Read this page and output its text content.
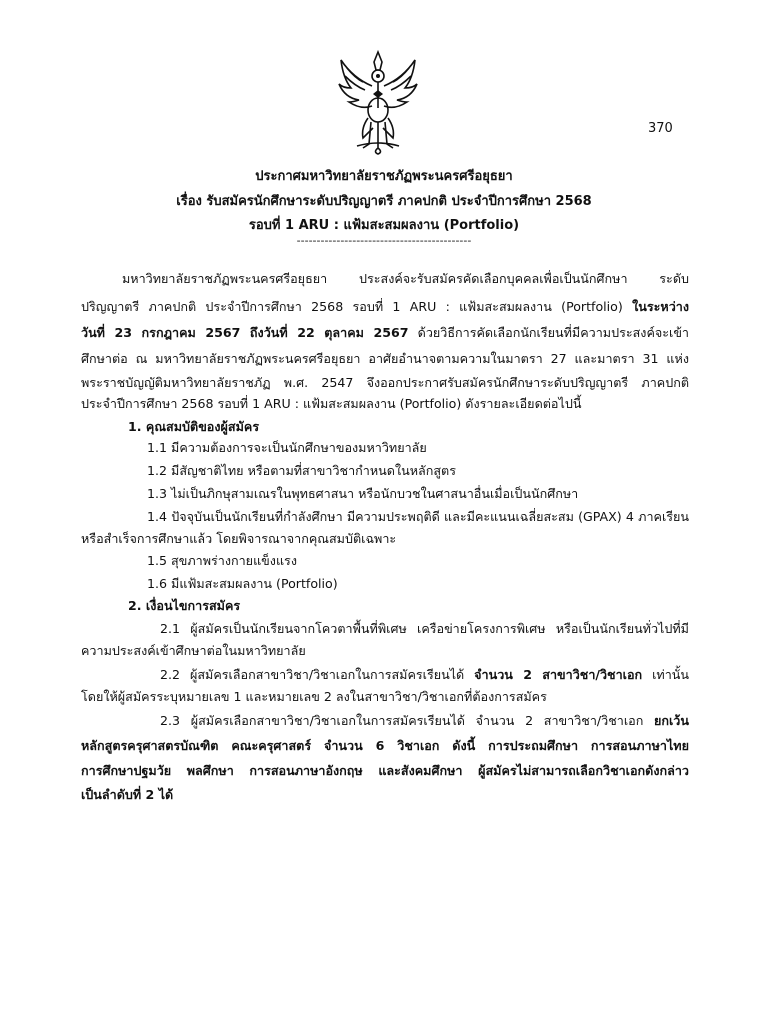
370
ประกาศมหาวิทยาลัยราชภัฏพระนครศรีอยุธยา
เรื่อง รับสมัครนักศึกษาระดับปริญญาตรี ภาคปกติ ประจำปีการศึกษา 2568
รอบที่ 1 ARU : แฟ้มสะสมผลงาน (Portfolio)
--------------------------------------------
มหาวิทยาลัยราชภัฏพระนครศรีอยุธยา ประสงค์จะรับสมัครคัดเลือกบุคคลเพื่อเป็นนักศึกษา ระดับ
ปริญญาตรี ภาคปกติ ประจำปีการศึกษา 2568 รอบที่ 1 ARU : แฟ้มสะสมผลงาน (Portfolio) ในระหว่าง
วันที่ 23 กรกฎาคม 2567 ถึงวันที่ 22 ตุลาคม 2567 ด้วยวิธีการคัดเลือกนักเรียนที่มีความประสงค์จะเข้า
ศึกษาต่อ ณ มหาวิทยาลัยราชภัฏพระนครศรีอยุธยา อาศัยอำนาจตามความในมาตรา 27 และมาตรา 31 แห่ง
พระราชบัญญัติมหาวิทยาลัยราชภัฏ พ.ศ. 2547 จึงออกประกาศรับสมัครนักศึกษาระดับปริญญาตรี ภาคปกติ
ประจำปีการศึกษา 2568 รอบที่ 1 ARU : แฟ้มสะสมผลงาน (Portfolio) ดังรายละเอียดต่อไปนี้
1. คุณสมบัติของผู้สมัคร
1.1 มีความต้องการจะเป็นนักศึกษาของมหาวิทยาลัย
1.2 มีสัญชาติไทย หรือตามที่สาขาวิชากำหนดในหลักสูตร
1.3 ไม่เป็นภิกษุสามเณรในพุทธศาสนา หรือนักบวชในศาสนาอื่นเมื่อเป็นนักศึกษา
1.4 ปัจจุบันเป็นนักเรียนที่กำลังศึกษา มีความประพฤติดี และมีคะแนนเฉลี่ยสะสม (GPAX) 4 ภาคเรียน
หรือสำเร็จการศึกษาแล้ว โดยพิจารณาจากคุณสมบัติเฉพาะ
1.5 สุขภาพร่างกายแข็งแรง
1.6 มีแฟ้มสะสมผลงาน (Portfolio)
2. เงื่อนไขการสมัคร
2.1 ผู้สมัครเป็นนักเรียนจากโควตาพื้นที่พิเศษ เครือข่ายโครงการพิเศษ หรือเป็นนักเรียนทั่วไปที่มี
ความประสงค์เข้าศึกษาต่อในมหาวิทยาลัย
2.2 ผู้สมัครเลือกสาขาวิชา/วิชาเอกในการสมัครเรียนได้ จำนวน 2 สาขาวิชา/วิชาเอก เท่านั้น
โดยให้ผู้สมัครระบุหมายเลข 1 และหมายเลข 2 ลงในสาขาวิชา/วิชาเอกที่ต้องการสมัคร
2.3 ผู้สมัครเลือกสาขาวิชา/วิชาเอกในการสมัครเรียนได้ จำนวน 2 สาขาวิชา/วิชาเอก ยกเว้น
หลักสูตรครุศาสตรบัณฑิต คณะครุศาสตร์ จำนวน 6 วิชาเอก ดังนี้ การประถมศึกษา การสอนภาษาไทย
การศึกษาปฐมวัย พลศึกษา การสอนภาษาอังกฤษ และสังคมศึกษา ผู้สมัครไม่สามารถเลือกวิชาเอกดังกล่าว
เป็นลำดับที่ 2 ได้
